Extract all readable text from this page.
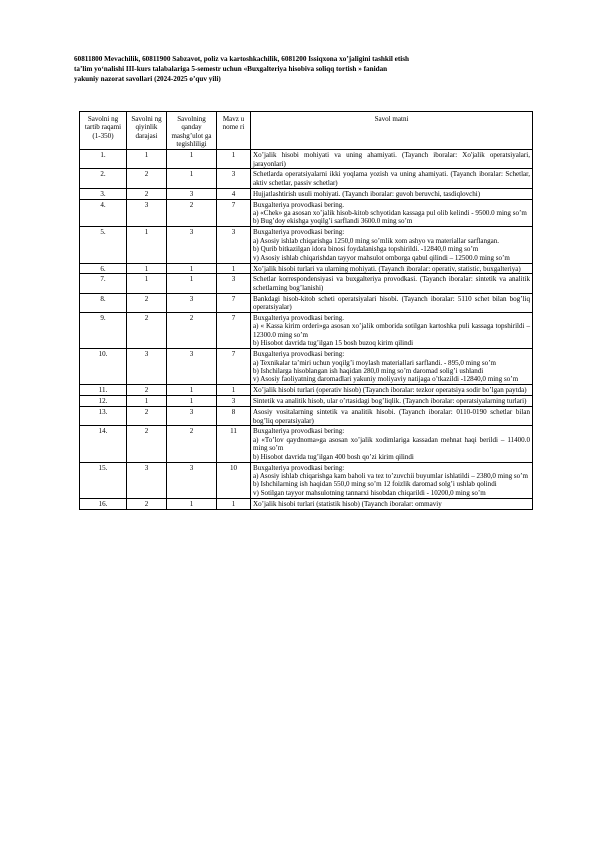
60811800 Mevachilik, 60811900 Sabzavot, poliz va kartoshkachilik, 6081200 Issiqxona xo’jaligini tashkil etish
ta’lim yo‘nalishi III-kurs talabalariga 5-semestr uchun «Buxgalteriya hisobiva soliqq tortish » fanidan
yakuniy nazorat savollari (2024-2025 o’quv yili)
Savolni ng tartib raqami (1-350)	Savolni ng qiyinlik darajasi	Savolning qanday mashg’ulot ga tegishliligi	Mavz u nome ri	Savol matni
1.	1	1	1	Xo’jalik hisobi mohiyati va uning ahamiyati. (Tayanch iboralar: Xo'jalik operatsiyalari, jarayonlari)

2.	2	1	3	Schetlarda operatsiyalarni ikki yoqlama yozish va uning ahamiyati. (Tayanch iboralar: Schetlar, aktiv schetlar, passiv schetlar)

3.	2	3	4	Hujjatlashtirish usuli mohiyati. (Tayanch iboralar: guvoh beruvchi, tasdiqlovchi)

4.	3	2	7	Buxgalteriya provodkasi bering.
a) «Chek» ga asosan xo’jalik hisob-kitob schyotidan kassaga pul olib kelindi - 9500.0 ming so’m
b) Bug’doy ekishga yoqilg’i sarflandi 3600.0 ming so’m

5.	1	3	3	Buxgalteriya provodkasi bering:
a) Asosiy ishlab chiqarishga 1250,0 ming so’mlik xom ashyo va materiallar sarflangan.
b) Qurib bitkazilgan idora binosi foydalanishga topshirildi. -12840,0 ming so’m
v) Asosiy ishlab chiqarishdan tayyor mahsulot omborga qabul qilindi – 12500.0 ming so’m

6.	1	1	1	Xo’jalik hisobi turlari va ularning mohiyati. (Tayanch iboralar: operativ, statistic, buxgalteriya)

7.	1	1	3	Schetlar korrespondensiyasi va buxgalteriya provodkasi. (Tayanch iboralar: sintetik va analitik schetlarning bog’lanishi)

8.	2	3	7	Bankdagi hisob-kitob scheti operatsiyalari hisobi. (Tayanch iboralar: 5110 schet bilan bog’liq operatsiyalar)

9.	2	2	7	Buxgalteriya provodkasi bering.
a) « Kassa kirim orderi»ga asosan xo’jalik omborida sotilgan kartoshka puli kassaga topshirildi – 12300.0 ming so’m
b) Hisobot davrida tug’ilgan 15 bosh buzoq kirim qilindi

10.	3	3	7	Buxgalteriya provodkasi bering:
a) Texnikalar ta’miri uchun yoqilg’i moylash materiallari sarflandi. - 895,0 ming so’m
b) Ishchilarga hisoblangan ish haqidan 280,0 ming so’m daromad solig’i ushlandi
v) Asosiy faoliyatning daromadlari yakuniy moliyaviy natijaga o’tkazildi -12840,0 ming so’m

11.	2	1	1	Xo’jalik hisobi turlari (operativ hisob) (Tayanch iboralar: tezkor operatsiya sodir bo’lgan paytda)

12.	1	1	3	Sintetik va analitik hisob, ular o’rtasidagi bog’liqlik. (Tayanch iboralar: operatsiyalarning turlari)

13.	2	3	8	Asosiy vositalarning sintetik va analitik hisobi. (Tayanch iboralar: 0110-0190 schetlar bilan bog’liq operatsiyalar)

14.	2	2	11	Buxgalteriya provodkasi bering:
a) «To’lov qaydnoma»ga asosan xo’jalik xodimlariga kassadan mehnat haqi berildi – 11400.0 ming so’m
b) Hisobot davrida tug’ilgan 400 bosh qo’zi kirim qilindi

15.	3	3	10	Buxgalteriya provodkasi bering:
a) Asosiy ishlab chiqarishga kam baholi va tez to’zuvchii buyumlar ishlatildi – 2380,0 ming so’m
b) Ishchilarning ish haqidan 550,0 ming so’m 12 foizlik daromad solg’i ushlab qolindi
v) Sotilgan tayyor mahsulotning tannarxi hisobdan chiqarildi - 10200,0 ming so’m

16.	2	1	1	Xo’jalik hisobi turlari (statistik hisob) (Tayanch iboralar: ommaviy
